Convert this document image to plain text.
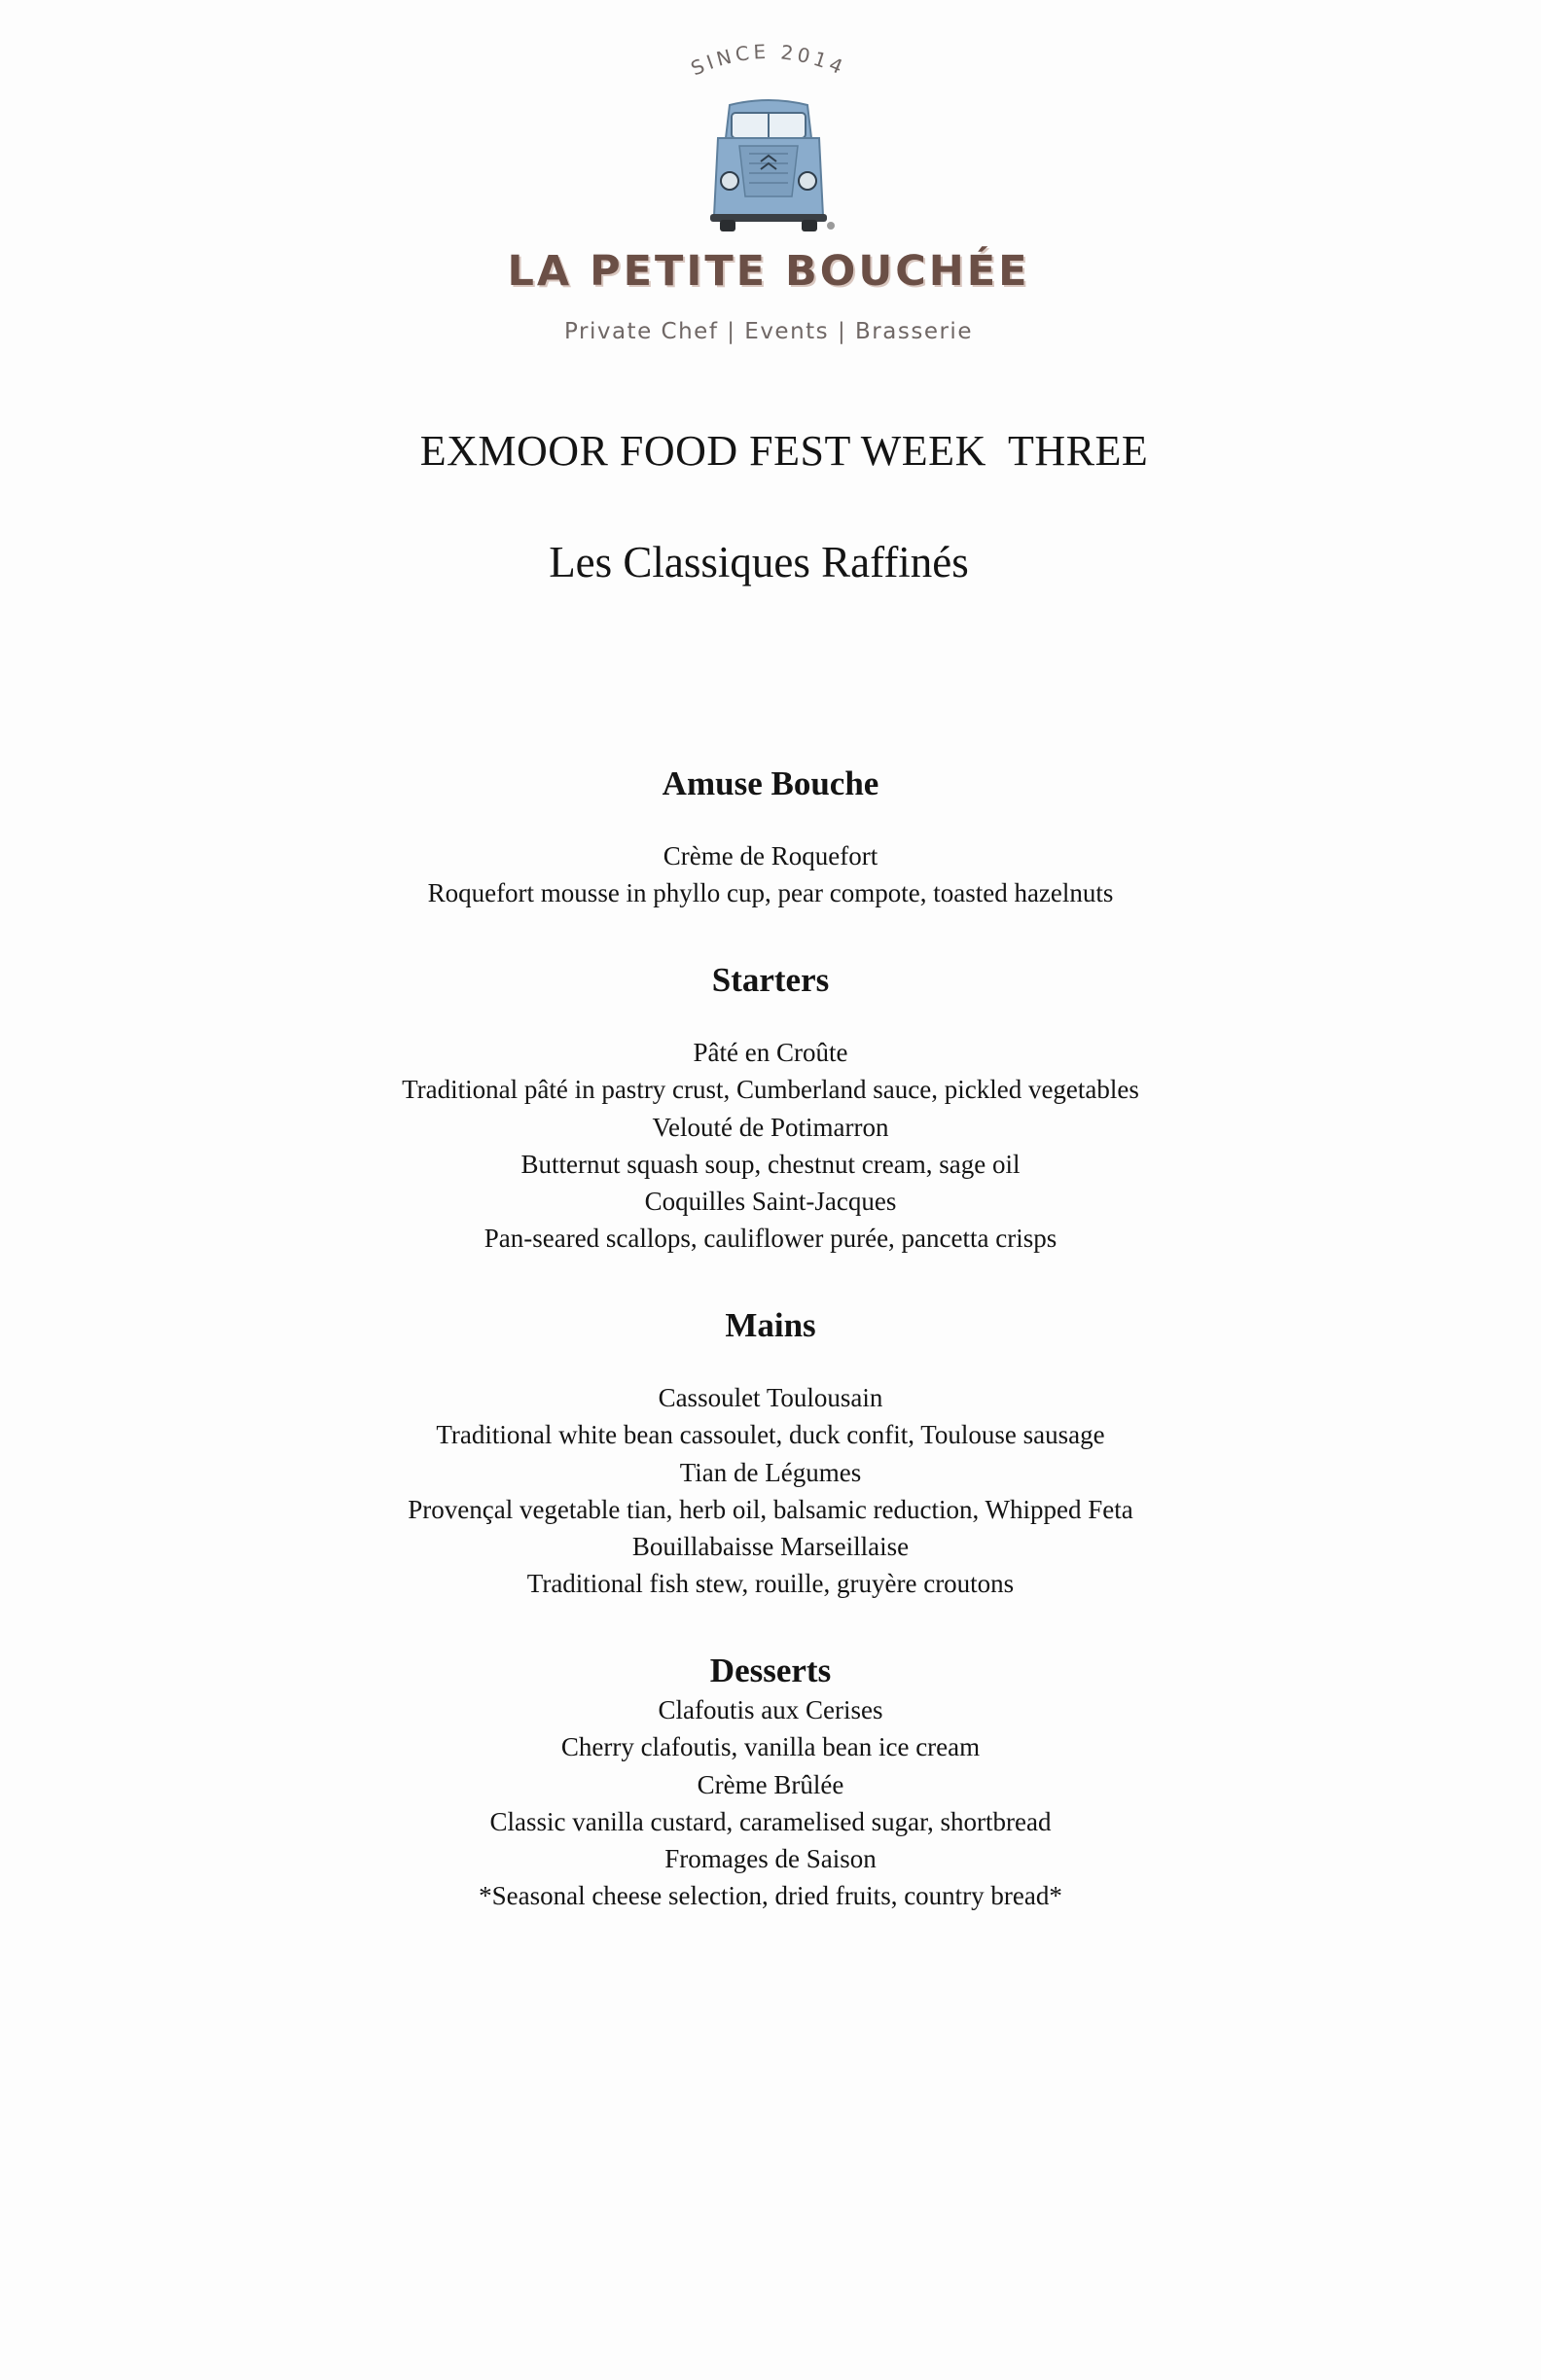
SINCE 2014
LA PETITE BOUCHÉE
Private Chef | Events | Brasserie
EXMOOR FOOD FEST WEEK  THREE
Les Classiques Raffinés
Amuse Bouche

Crème de Roquefort

Roquefort mousse in phyllo cup, pear compote, toasted hazelnuts

Starters

Pâté en Croûte

Traditional pâté in pastry crust, Cumberland sauce, pickled vegetables

Velouté de Potimarron

Butternut squash soup, chestnut cream, sage oil

Coquilles Saint-Jacques

Pan-seared scallops, cauliflower purée, pancetta crisps

Mains

Cassoulet Toulousain

Traditional white bean cassoulet, duck confit, Toulouse sausage

Tian de Légumes

Provençal vegetable tian, herb oil, balsamic reduction, Whipped Feta

Bouillabaisse Marseillaise

Traditional fish stew, rouille, gruyère croutons

Desserts

Clafoutis aux Cerises

Cherry clafoutis, vanilla bean ice cream

Crème Brûlée

Classic vanilla custard, caramelised sugar, shortbread

Fromages de Saison

*Seasonal cheese selection, dried fruits, country bread*
